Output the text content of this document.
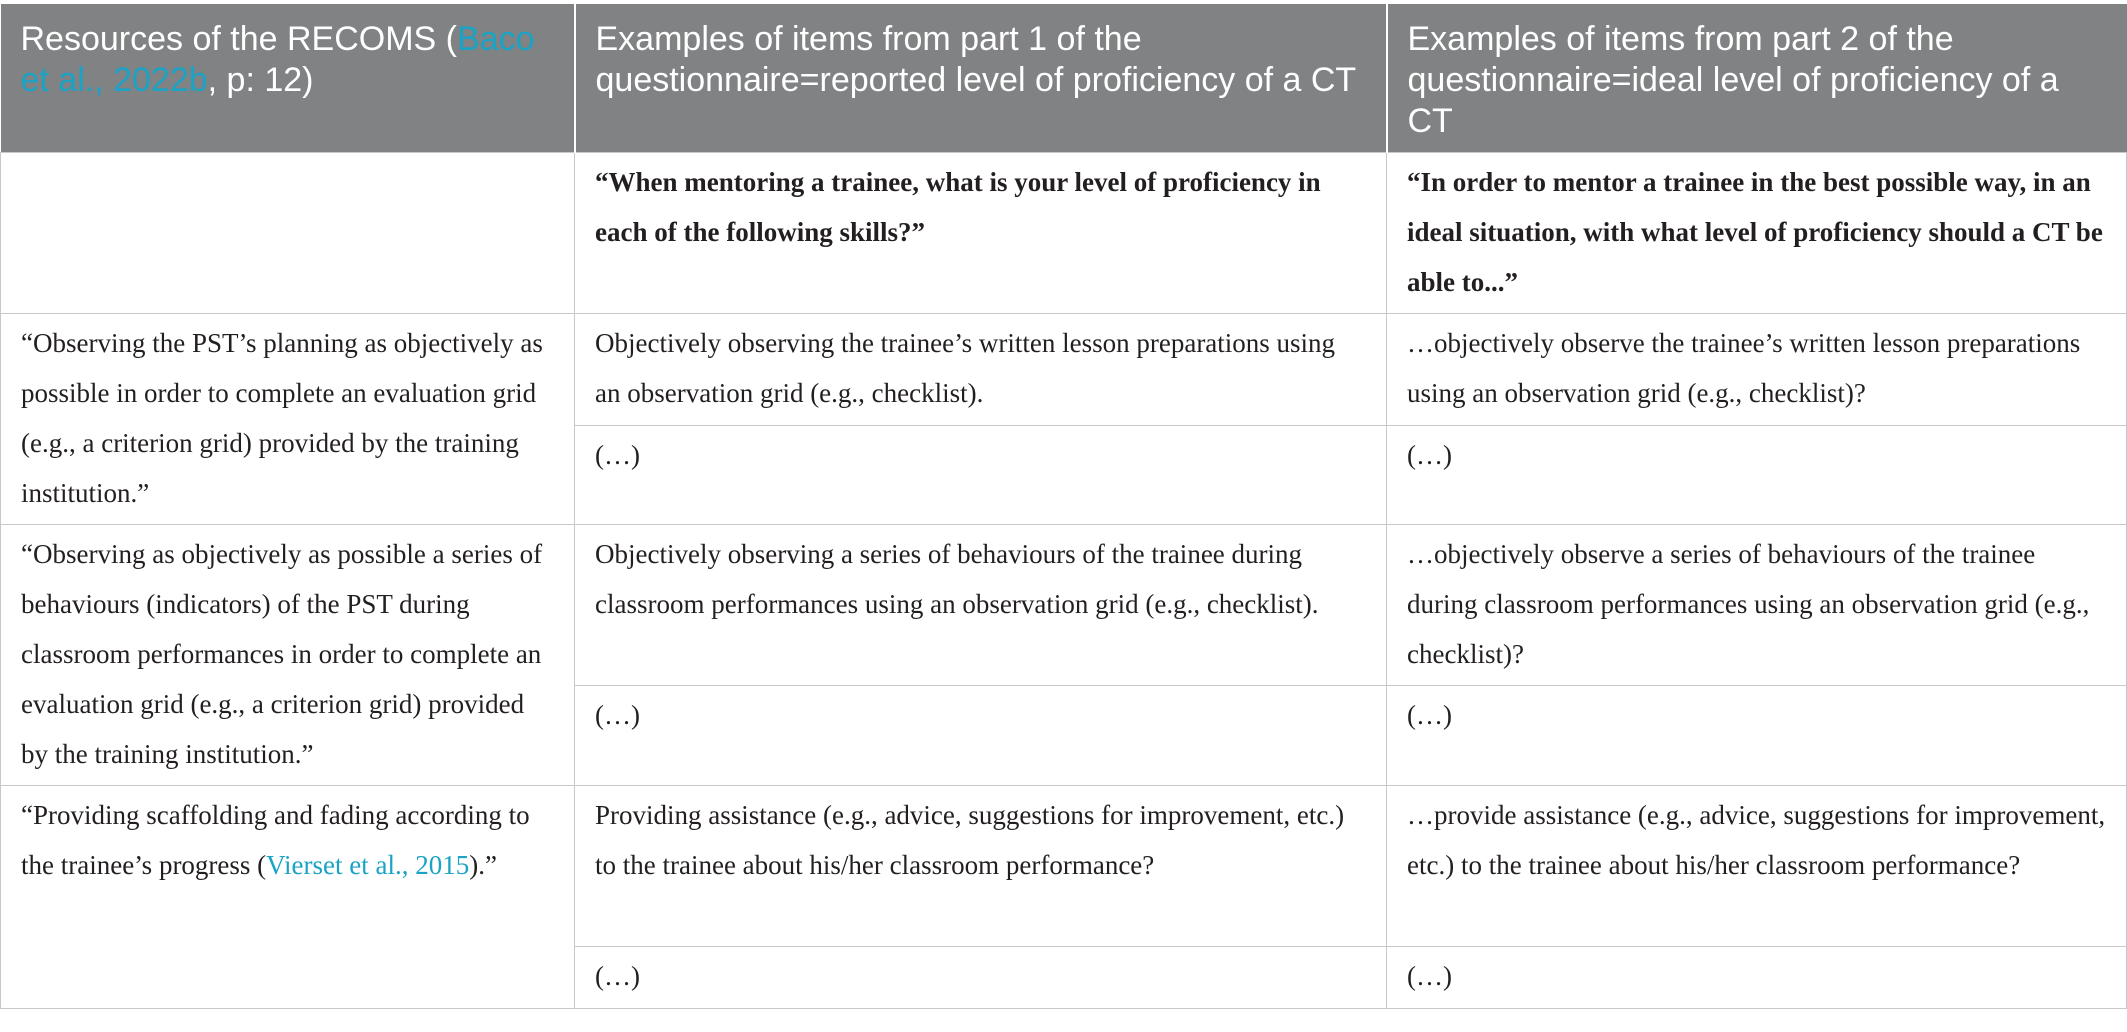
Resources of the RECOMS (Baco et al., 2022b, p: 12)	Examples of items from part 1 of the questionnaire=reported level of proficiency of a CT	Examples of items from part 2 of the questionnaire=ideal level of proficiency of a CT
	“When mentoring a trainee, what is your level of proficiency in each of the following skills?”	“In order to mentor a trainee in the best possible way, in an ideal situation, with what level of proficiency should a CT be able to...”
“Observing the PST’s planning as objectively as possible in order to complete an evaluation grid (e.g., a criterion grid) provided by the training institution.”	Objectively observing the trainee’s written lesson preparations using an observation grid (e.g., checklist).	…objectively observe the trainee’s written lesson preparations using an observation grid (e.g., checklist)?
	(…)	(…)
“Observing as objectively as possible a series of behaviours (indicators) of the PST during classroom performances in order to complete an evaluation grid (e.g., a criterion grid) provided by the training institution.”	Objectively observing a series of behaviours of the trainee during classroom performances using an observation grid (e.g., checklist).	…objectively observe a series of behaviours of the trainee during classroom performances using an observation grid (e.g., checklist)?
	(…)	(…)
“Providing scaffolding and fading according to the trainee’s progress (Vierset et al., 2015).”	Providing assistance (e.g., advice, suggestions for improvement, etc.) to the trainee about his/her classroom performance?	…provide assistance (e.g., advice, suggestions for improvement, etc.) to the trainee about his/her classroom performance?
	(…)	(…)
